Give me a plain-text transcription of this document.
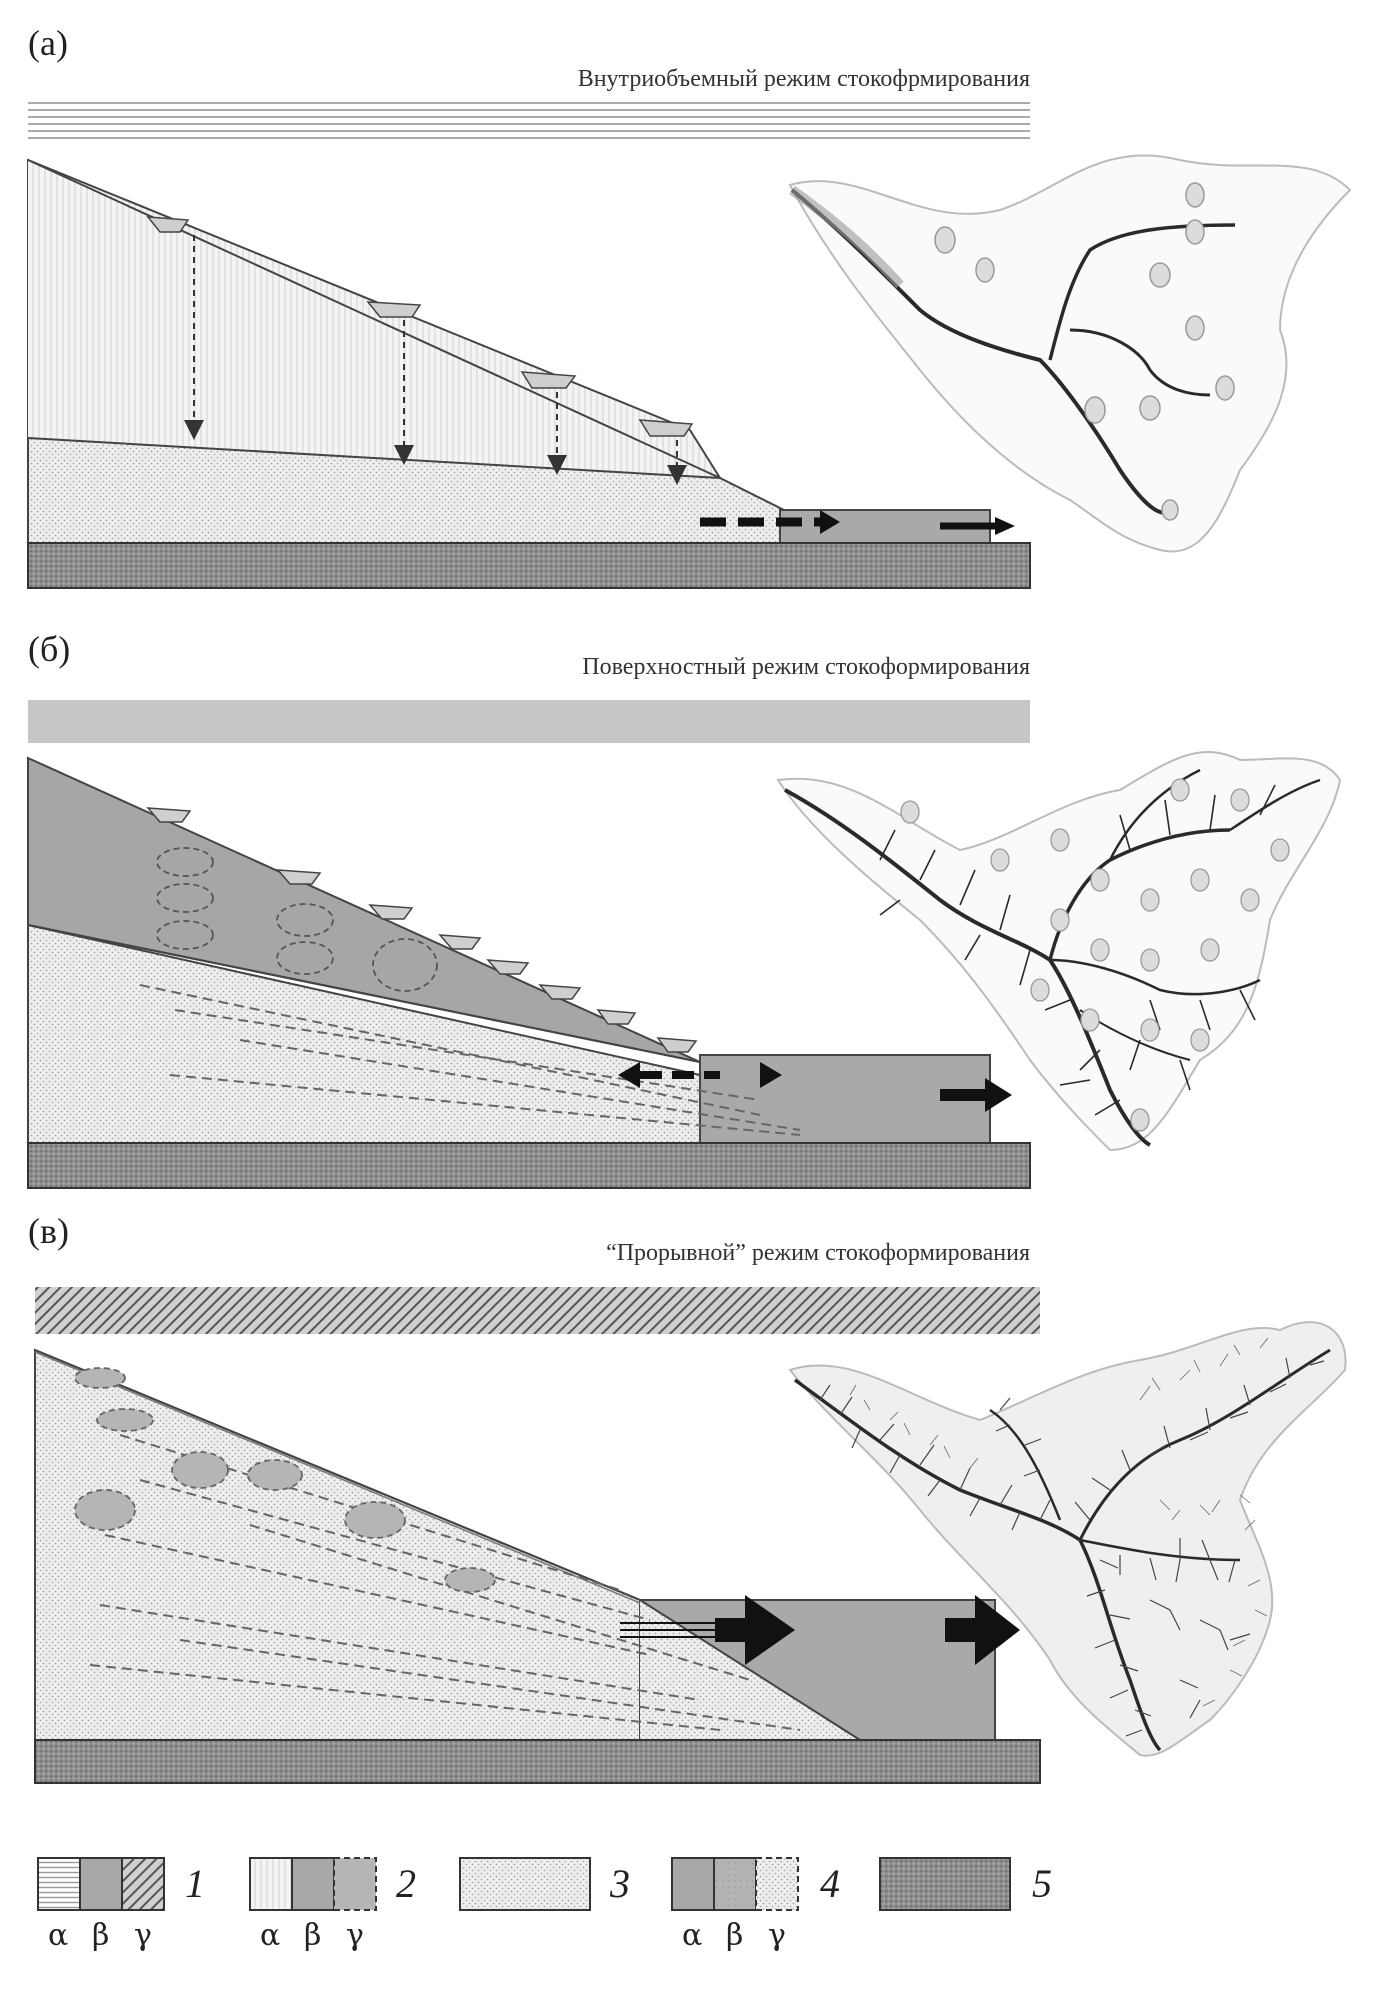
(а)
Внутриобъемный режим стокофрмирования
(б)	Поверхностный режим стокоформирования
(в)
“Прорывной” режим стокоформирования
1	2	3	4	5
α β γ	α β γ	α β γ
